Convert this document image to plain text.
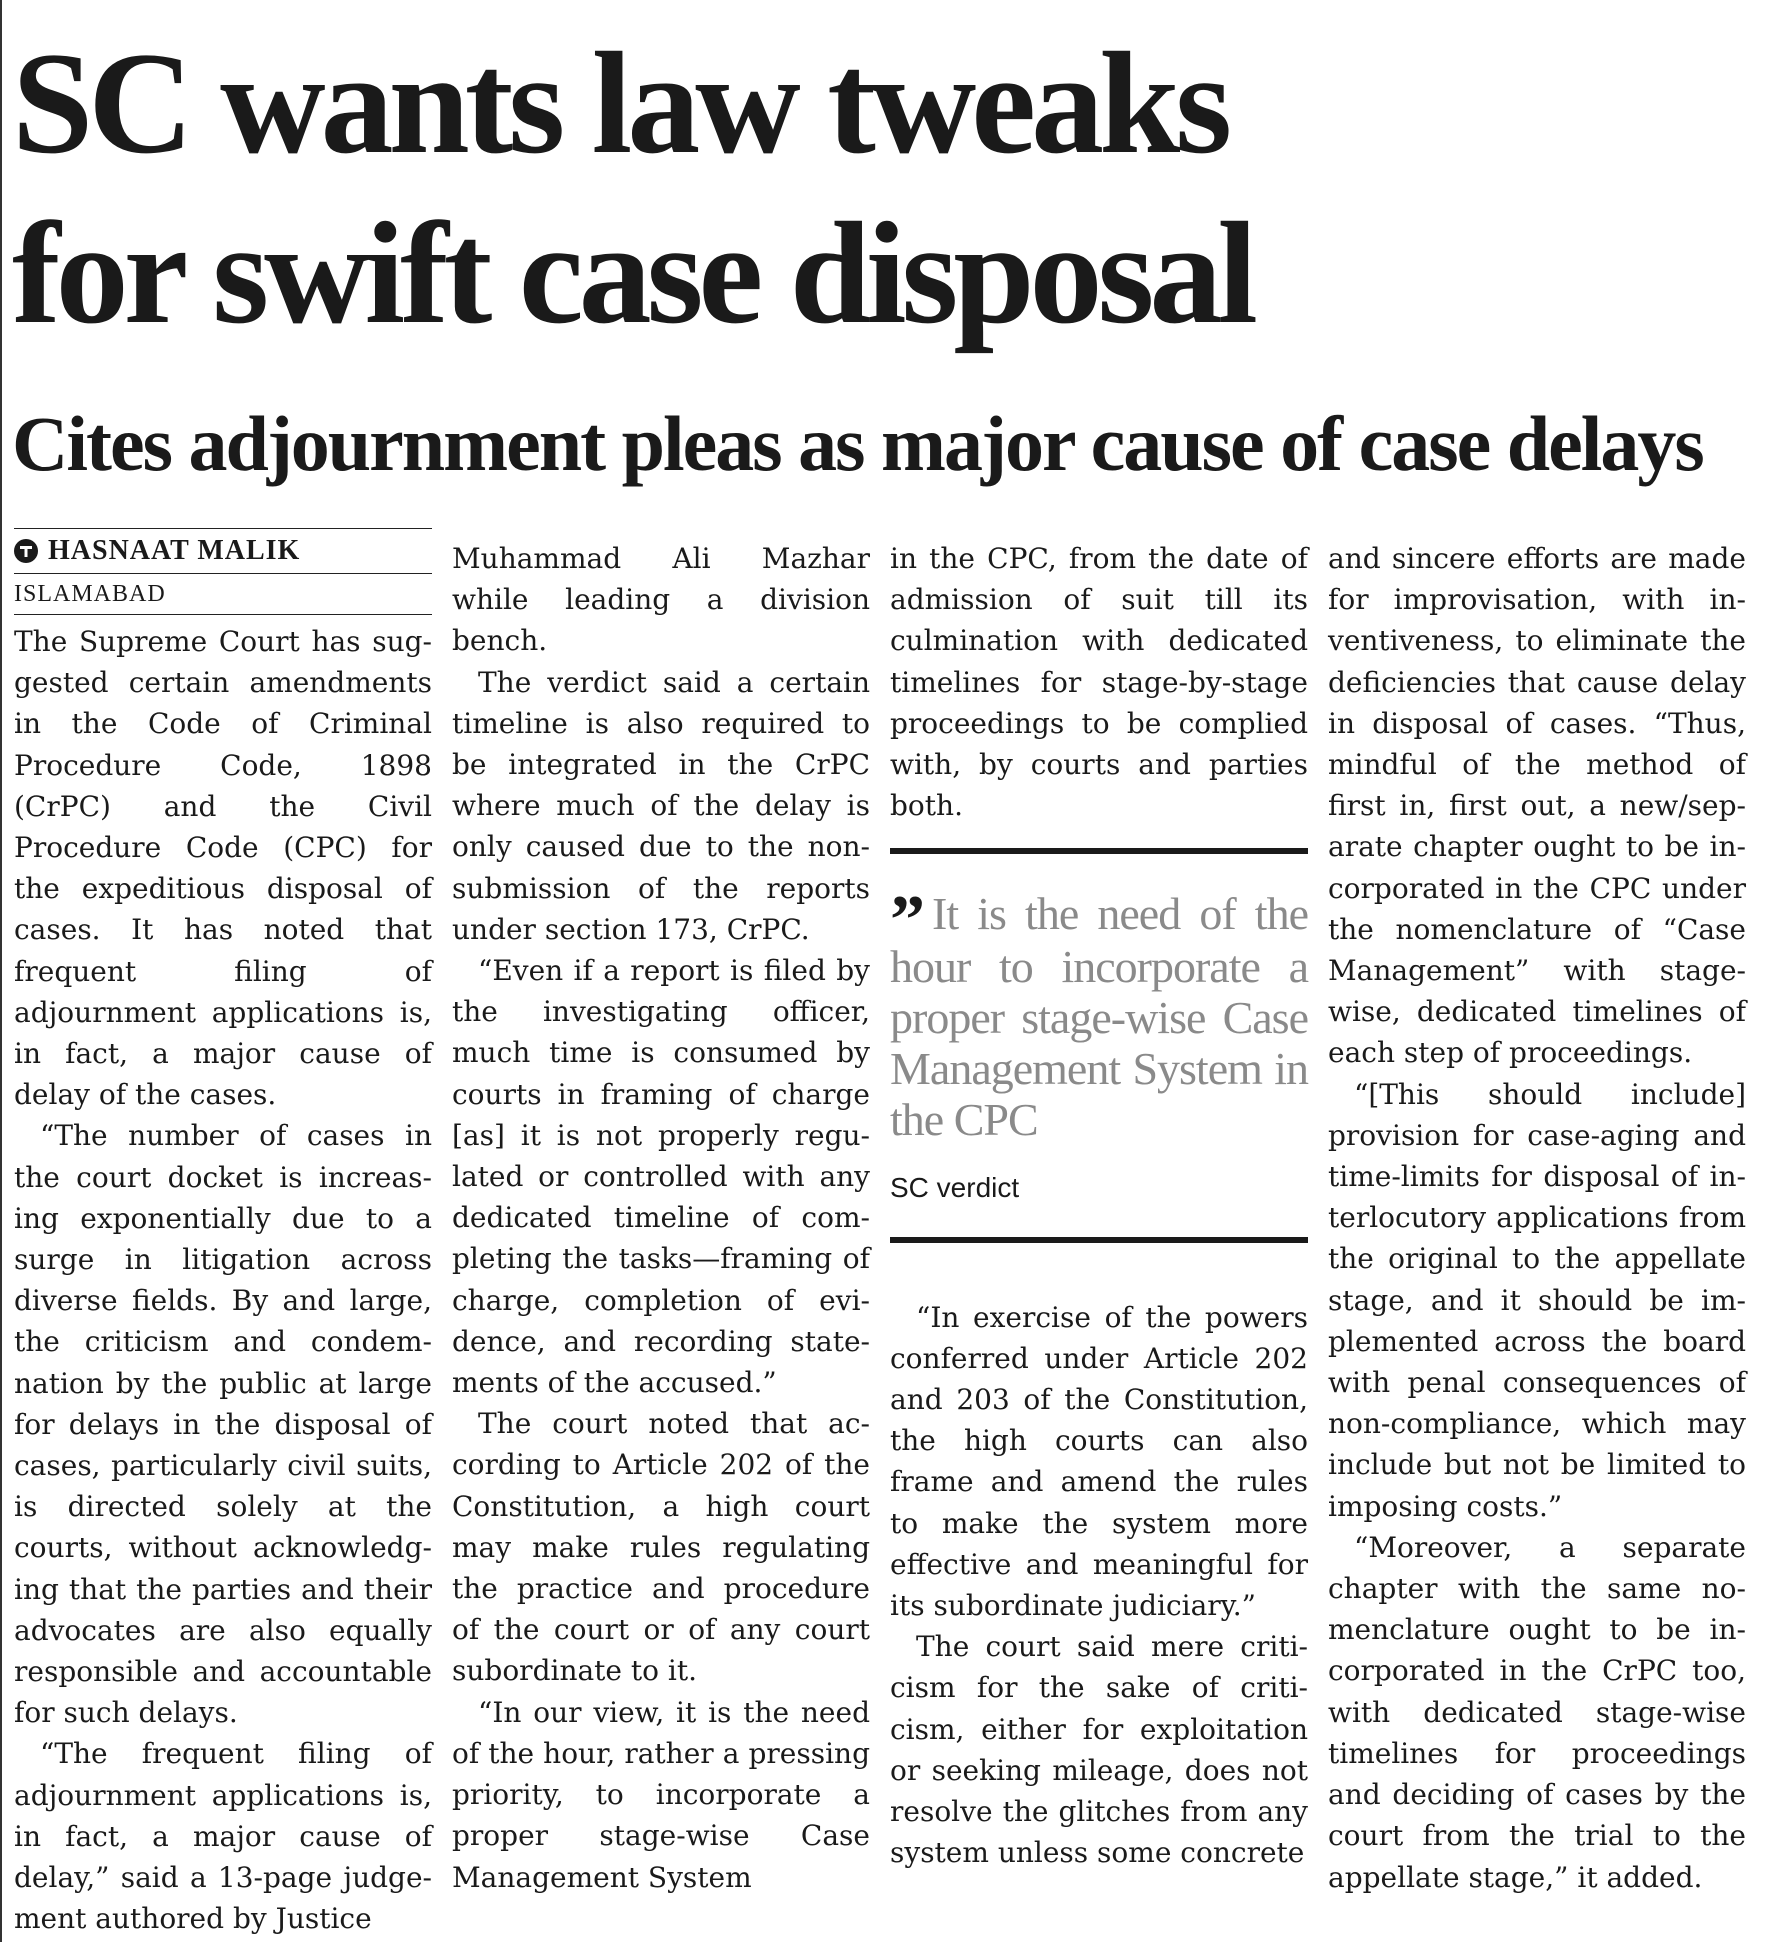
SC wants law tweaks
for swift case disposal
Cites adjournment pleas as major cause of case delays
HASNAAT MALIK
ISLAMABAD

The Supreme Court has suggested certain amendments in the Code of Criminal Procedure Code, 1898 (CrPC) and the Civil Procedure Code (CPC) for the expeditious disposal of cases. It has noted that frequent filing of adjournment applications is, in fact, a major cause of delay of the cases.

“The number of cases in the court docket is increasing exponentially due to a surge in litigation across diverse fields. By and large, the criticism and condemnation by the public at large for delays in the disposal of cases, particularly civil suits, is directed solely at the courts, without acknowledging that the parties and their advocates are also equally responsible and accountable for such delays.

“The frequent filing of adjournment applications is, in fact, a major cause of delay,” said a 13-page judgement authored by Justice

Muhammad Ali Mazhar while leading a division bench.

The verdict said a certain timeline is also required to be integrated in the CrPC where much of the delay is only caused due to the non-submission of the reports under section 173, CrPC.

“Even if a report is filed by the investigating officer, much time is consumed by courts in framing of charge [as] it is not properly regulated or controlled with any dedicated timeline of completing the tasks—framing of charge, completion of evidence, and recording statements of the accused.”

The court noted that according to Article 202 of the Constitution, a high court may make rules regulating the practice and procedure of the court or of any court subordinate to it.

“In our view, it is the need of the hour, rather a pressing priority, to incorporate a proper stage-wise Case Management System

in the CPC, from the date of admission of suit till its culmination with dedicated timelines for stage-by-stage proceedings to be complied with, by courts and parties both.

” It is the need of the hour to incorporate a proper stage-wise Case Management System in the CPC
SC verdict

“In exercise of the powers conferred under Article 202 and 203 of the Constitution, the high courts can also frame and amend the rules to make the system more effective and meaningful for its subordinate judiciary.”

The court said mere criticism for the sake of criticism, either for exploitation or seeking mileage, does not resolve the glitches from any system unless some concrete

and sincere efforts are made for improvisation, with inventiveness, to eliminate the deficiencies that cause delay in disposal of cases. “Thus, mindful of the method of first in, first out, a new/separate chapter ought to be incorporated in the CPC under the nomenclature of “Case Management” with stage-wise, dedicated timelines of each step of proceedings.

“[This should include] provision for case-aging and time-limits for disposal of interlocutory applications from the original to the appellate stage, and it should be implemented across the board with penal consequences of non-compliance, which may include but not be limited to imposing costs.”

“Moreover, a separate chapter with the same nomenclature ought to be incorporated in the CrPC too, with dedicated stage-wise timelines for proceedings and deciding of cases by the court from the trial to the appellate stage,” it added.
